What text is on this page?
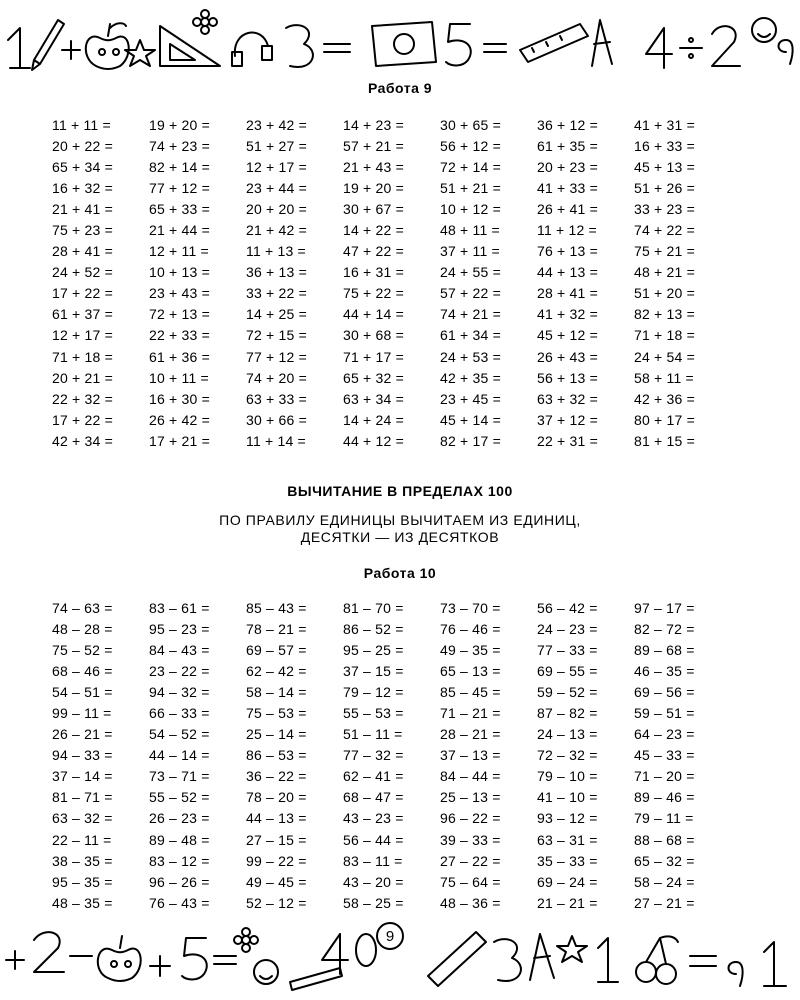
Работа 9
11 + 11 =	19 + 20 =	23 + 42 =	14 + 23 =	30 + 65 =	36 + 12 =	41 + 31 =
20 + 22 =	74 + 23 =	51 + 27 =	57 + 21 =	56 + 12 =	61 + 35 =	16 + 33 =
65 + 34 =	82 + 14 =	12 + 17 =	21 + 43 =	72 + 14 =	20 + 23 =	45 + 13 =
16 + 32 =	77 + 12 =	23 + 44 =	19 + 20 =	51 + 21 =	41 + 33 =	51 + 26 =
21 + 41 =	65 + 33 =	20 + 20 =	30 + 67 =	10 + 12 =	26 + 41 =	33 + 23 =
75 + 23 =	21 + 44 =	21 + 42 =	14 + 22 =	48 + 11 =	11 + 12 =	74 + 22 =
28 + 41 =	12 + 11 =	11 + 13 =	47 + 22 =	37 + 11 =	76 + 13 =	75 + 21 =
24 + 52 =	10 + 13 =	36 + 13 =	16 + 31 =	24 + 55 =	44 + 13 =	48 + 21 =
17 + 22 =	23 + 43 =	33 + 22 =	75 + 22 =	57 + 22 =	28 + 41 =	51 + 20 =
61 + 37 =	72 + 13 =	14 + 25 =	44 + 14 =	74 + 21 =	41 + 32 =	82 + 13 =
12 + 17 =	22 + 33 =	72 + 15 =	30 + 68 =	61 + 34 =	45 + 12 =	71 + 18 =
71 + 18 =	61 + 36 =	77 + 12 =	71 + 17 =	24 + 53 =	26 + 43 =	24 + 54 =
20 + 21 =	10 + 11 =	74 + 20 =	65 + 32 =	42 + 35 =	56 + 13 =	58 + 11 =
22 + 32 =	16 + 30 =	63 + 33 =	63 + 34 =	23 + 45 =	63 + 32 =	42 + 36 =
17 + 22 =	26 + 42 =	30 + 66 =	14 + 24 =	45 + 14 =	37 + 12 =	80 + 17 =
42 + 34 =	17 + 21 =	11 + 14 =	44 + 12 =	82 + 17 =	22 + 31 =	81 + 15 =
ВЫЧИТАНИЕ В ПРЕДЕЛАХ 100
ПО ПРАВИЛУ ЕДИНИЦЫ ВЫЧИТАЕМ ИЗ ЕДИНИЦ,
ДЕСЯТКИ — ИЗ ДЕСЯТКОВ
Работа 10
74 – 63 =	83 – 61 =	85 – 43 =	81 – 70 =	73 – 70 =	56 – 42 =	97 – 17 =
48 – 28 =	95 – 23 =	78 – 21 =	86 – 52 =	76 – 46 =	24 – 23 =	82 – 72 =
75 – 52 =	84 – 43 =	69 – 57 =	95 – 25 =	49 – 35 =	77 – 33 =	89 – 68 =
68 – 46 =	23 – 22 =	62 – 42 =	37 – 15 =	65 – 13 =	69 – 55 =	46 – 35 =
54 – 51 =	94 – 32 =	58 – 14 =	79 – 12 =	85 – 45 =	59 – 52 =	69 – 56 =
99 – 11 =	66 – 33 =	75 – 53 =	55 – 53 =	71 – 21 =	87 – 82 =	59 – 51 =
26 – 21 =	54 – 52 =	25 – 14 =	51 – 11 =	28 – 21 =	24 – 13 =	64 – 23 =
94 – 33 =	44 – 14 =	86 – 53 =	77 – 32 =	37 – 13 =	72 – 32 =	45 – 33 =
37 – 14 =	73 – 71 =	36 – 22 =	62 – 41 =	84 – 44 =	79 – 10 =	71 – 20 =
81 – 71 =	55 – 52 =	78 – 20 =	68 – 47 =	25 – 13 =	41 – 10 =	89 – 46 =
63 – 32 =	26 – 23 =	44 – 13 =	43 – 23 =	96 – 22 =	93 – 12 =	79 – 11 =
22 – 11 =	89 – 48 =	27 – 15 =	56 – 44 =	39 – 33 =	63 – 31 =	88 – 68 =
38 – 35 =	83 – 12 =	99 – 22 =	83 – 11 =	27 – 22 =	35 – 33 =	65 – 32 =
95 – 35 =	96 – 26 =	49 – 45 =	43 – 20 =	75 – 64 =	69 – 24 =	58 – 24 =
48 – 35 =	76 – 43 =	52 – 12 =	58 – 25 =	48 – 36 =	21 – 21 =	27 – 21 =
9
